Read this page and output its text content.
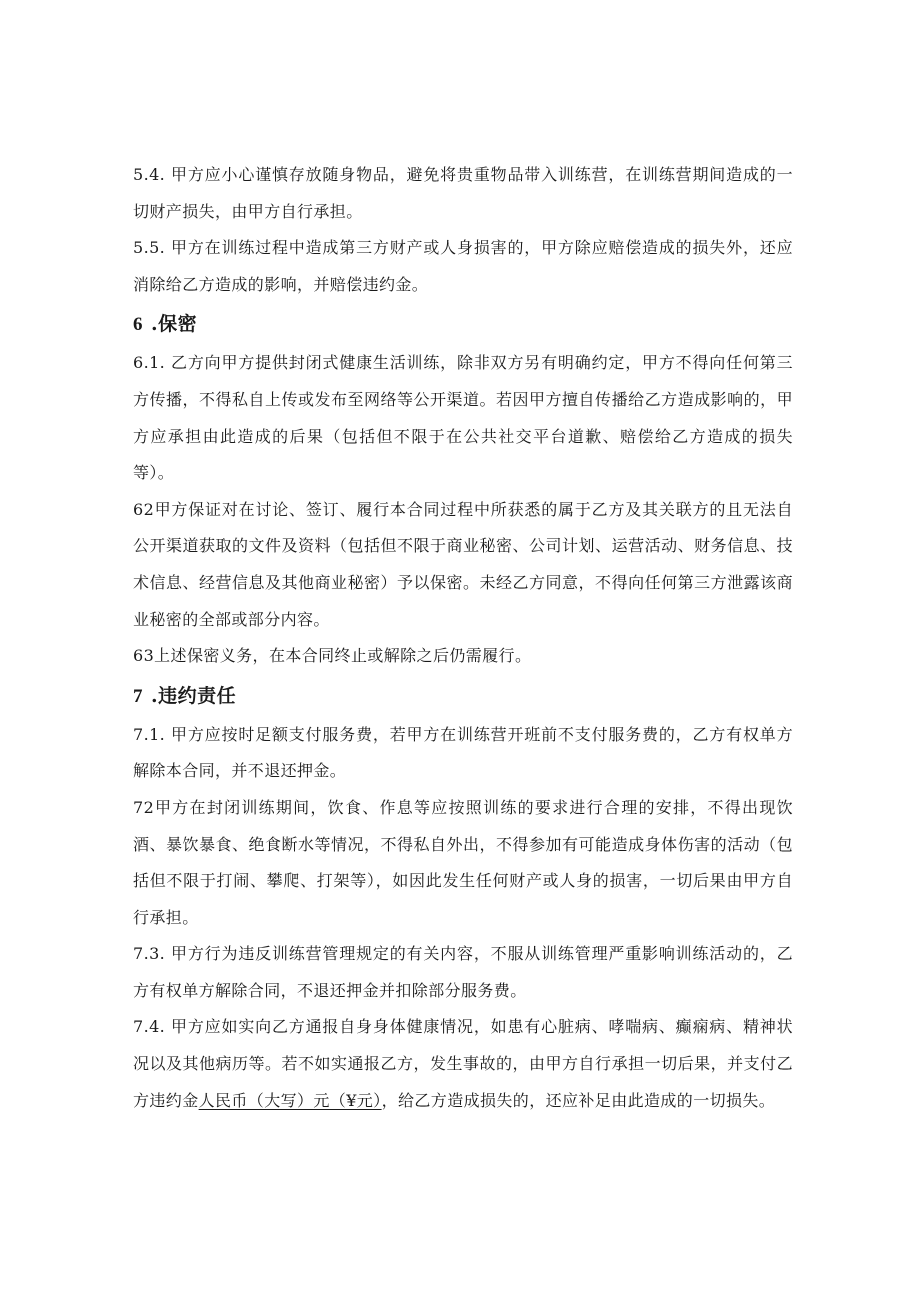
5.4. 甲方应小心谨慎存放随身物品，避免将贵重物品带入训练营，在训练营期间造成的一切财产损失，由甲方自行承担。

5.5. 甲方在训练过程中造成第三方财产或人身损害的，甲方除应赔偿造成的损失外，还应消除给乙方造成的影响，并赔偿违约金。

6 .保密

6.1. 乙方向甲方提供封闭式健康生活训练，除非双方另有明确约定，甲方不得向任何第三方传播，不得私自上传或发布至网络等公开渠道。若因甲方擅自传播给乙方造成影响的，甲方应承担由此造成的后果（包括但不限于在公共社交平台道歉、赔偿给乙方造成的损失等）。

62甲方保证对在讨论、签订、履行本合同过程中所获悉的属于乙方及其关联方的且无法自公开渠道获取的文件及资料（包括但不限于商业秘密、公司计划、运营活动、财务信息、技术信息、经营信息及其他商业秘密）予以保密。未经乙方同意，不得向任何第三方泄露该商业秘密的全部或部分内容。

63上述保密义务，在本合同终止或解除之后仍需履行。

7 .违约责任

7.1. 甲方应按时足额支付服务费，若甲方在训练营开班前不支付服务费的，乙方有权单方解除本合同，并不退还押金。

72甲方在封闭训练期间，饮食、作息等应按照训练的要求进行合理的安排，不得出现饮酒、暴饮暴食、绝食断水等情况，不得私自外出，不得参加有可能造成身体伤害的活动（包括但不限于打闹、攀爬、打架等），如因此发生任何财产或人身的损害，一切后果由甲方自行承担。

7.3. 甲方行为违反训练营管理规定的有关内容，不服从训练管理严重影响训练活动的，乙方有权单方解除合同，不退还押金并扣除部分服务费。

7.4. 甲方应如实向乙方通报自身身体健康情况，如患有心脏病、哮喘病、癫痫病、精神状况以及其他病历等。若不如实通报乙方，发生事故的，由甲方自行承担一切后果，并支付乙方违约金人民币（大写）元（¥元），给乙方造成损失的，还应补足由此造成的一切损失。
